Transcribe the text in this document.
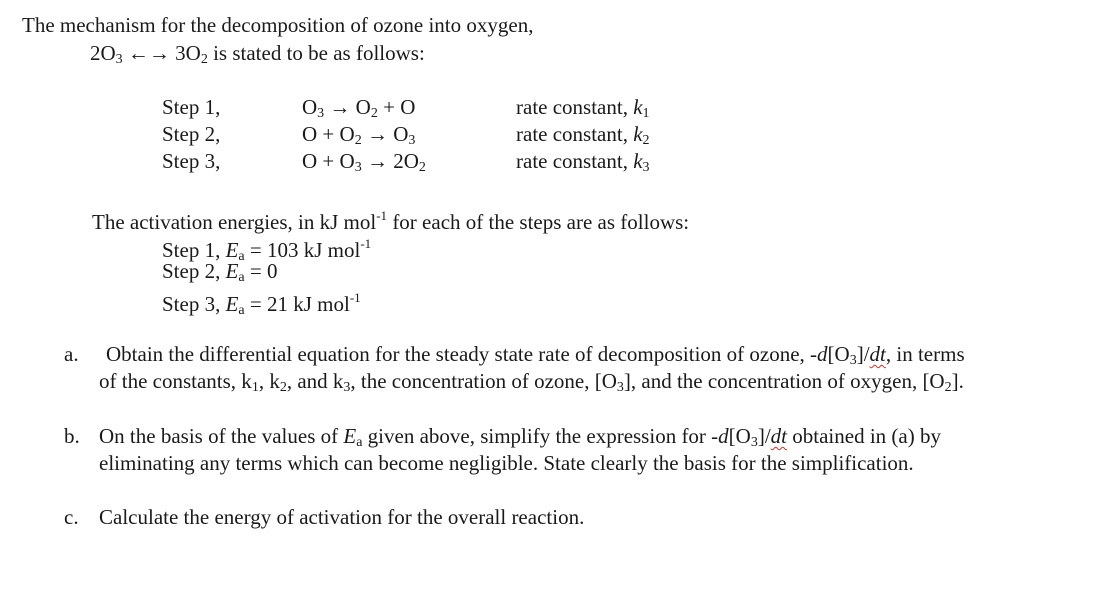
The mechanism for the decomposition of ozone into oxygen,
$2O_3$ ←→ $3O_2$ is stated to be as follows:
Step 1,	$O_3 \to O_2 + O$	rate constant, $k_1$
Step 2,	$O + O_2 \to O_3$	rate constant, $k_2$
Step 3,	$O + O_3 \to 2O_2$	rate constant, $k_3$
The activation energies, in kJ mol$^{-1}$ for each of the steps are as follows:
Step 1, $E_a = 103$ kJ mol$^{-1}$
Step 2, $E_a = 0$
Step 3, $E_a = 21$ kJ mol$^{-1}$
a. Obtain the differential equation for the steady state rate of decomposition of ozone, $-d[O_3]/dt$, in terms
of the constants, $k_1$, $k_2$, and $k_3$, the concentration of ozone, $[O_3]$, and the concentration of oxygen, $[O_2]$.
b. On the basis of the values of $E_a$ given above, simplify the expression for $-d[O_3]/dt$ obtained in (a) by
eliminating any terms which can become negligible. State clearly the basis for the simplification.
c. Calculate the energy of activation for the overall reaction.
